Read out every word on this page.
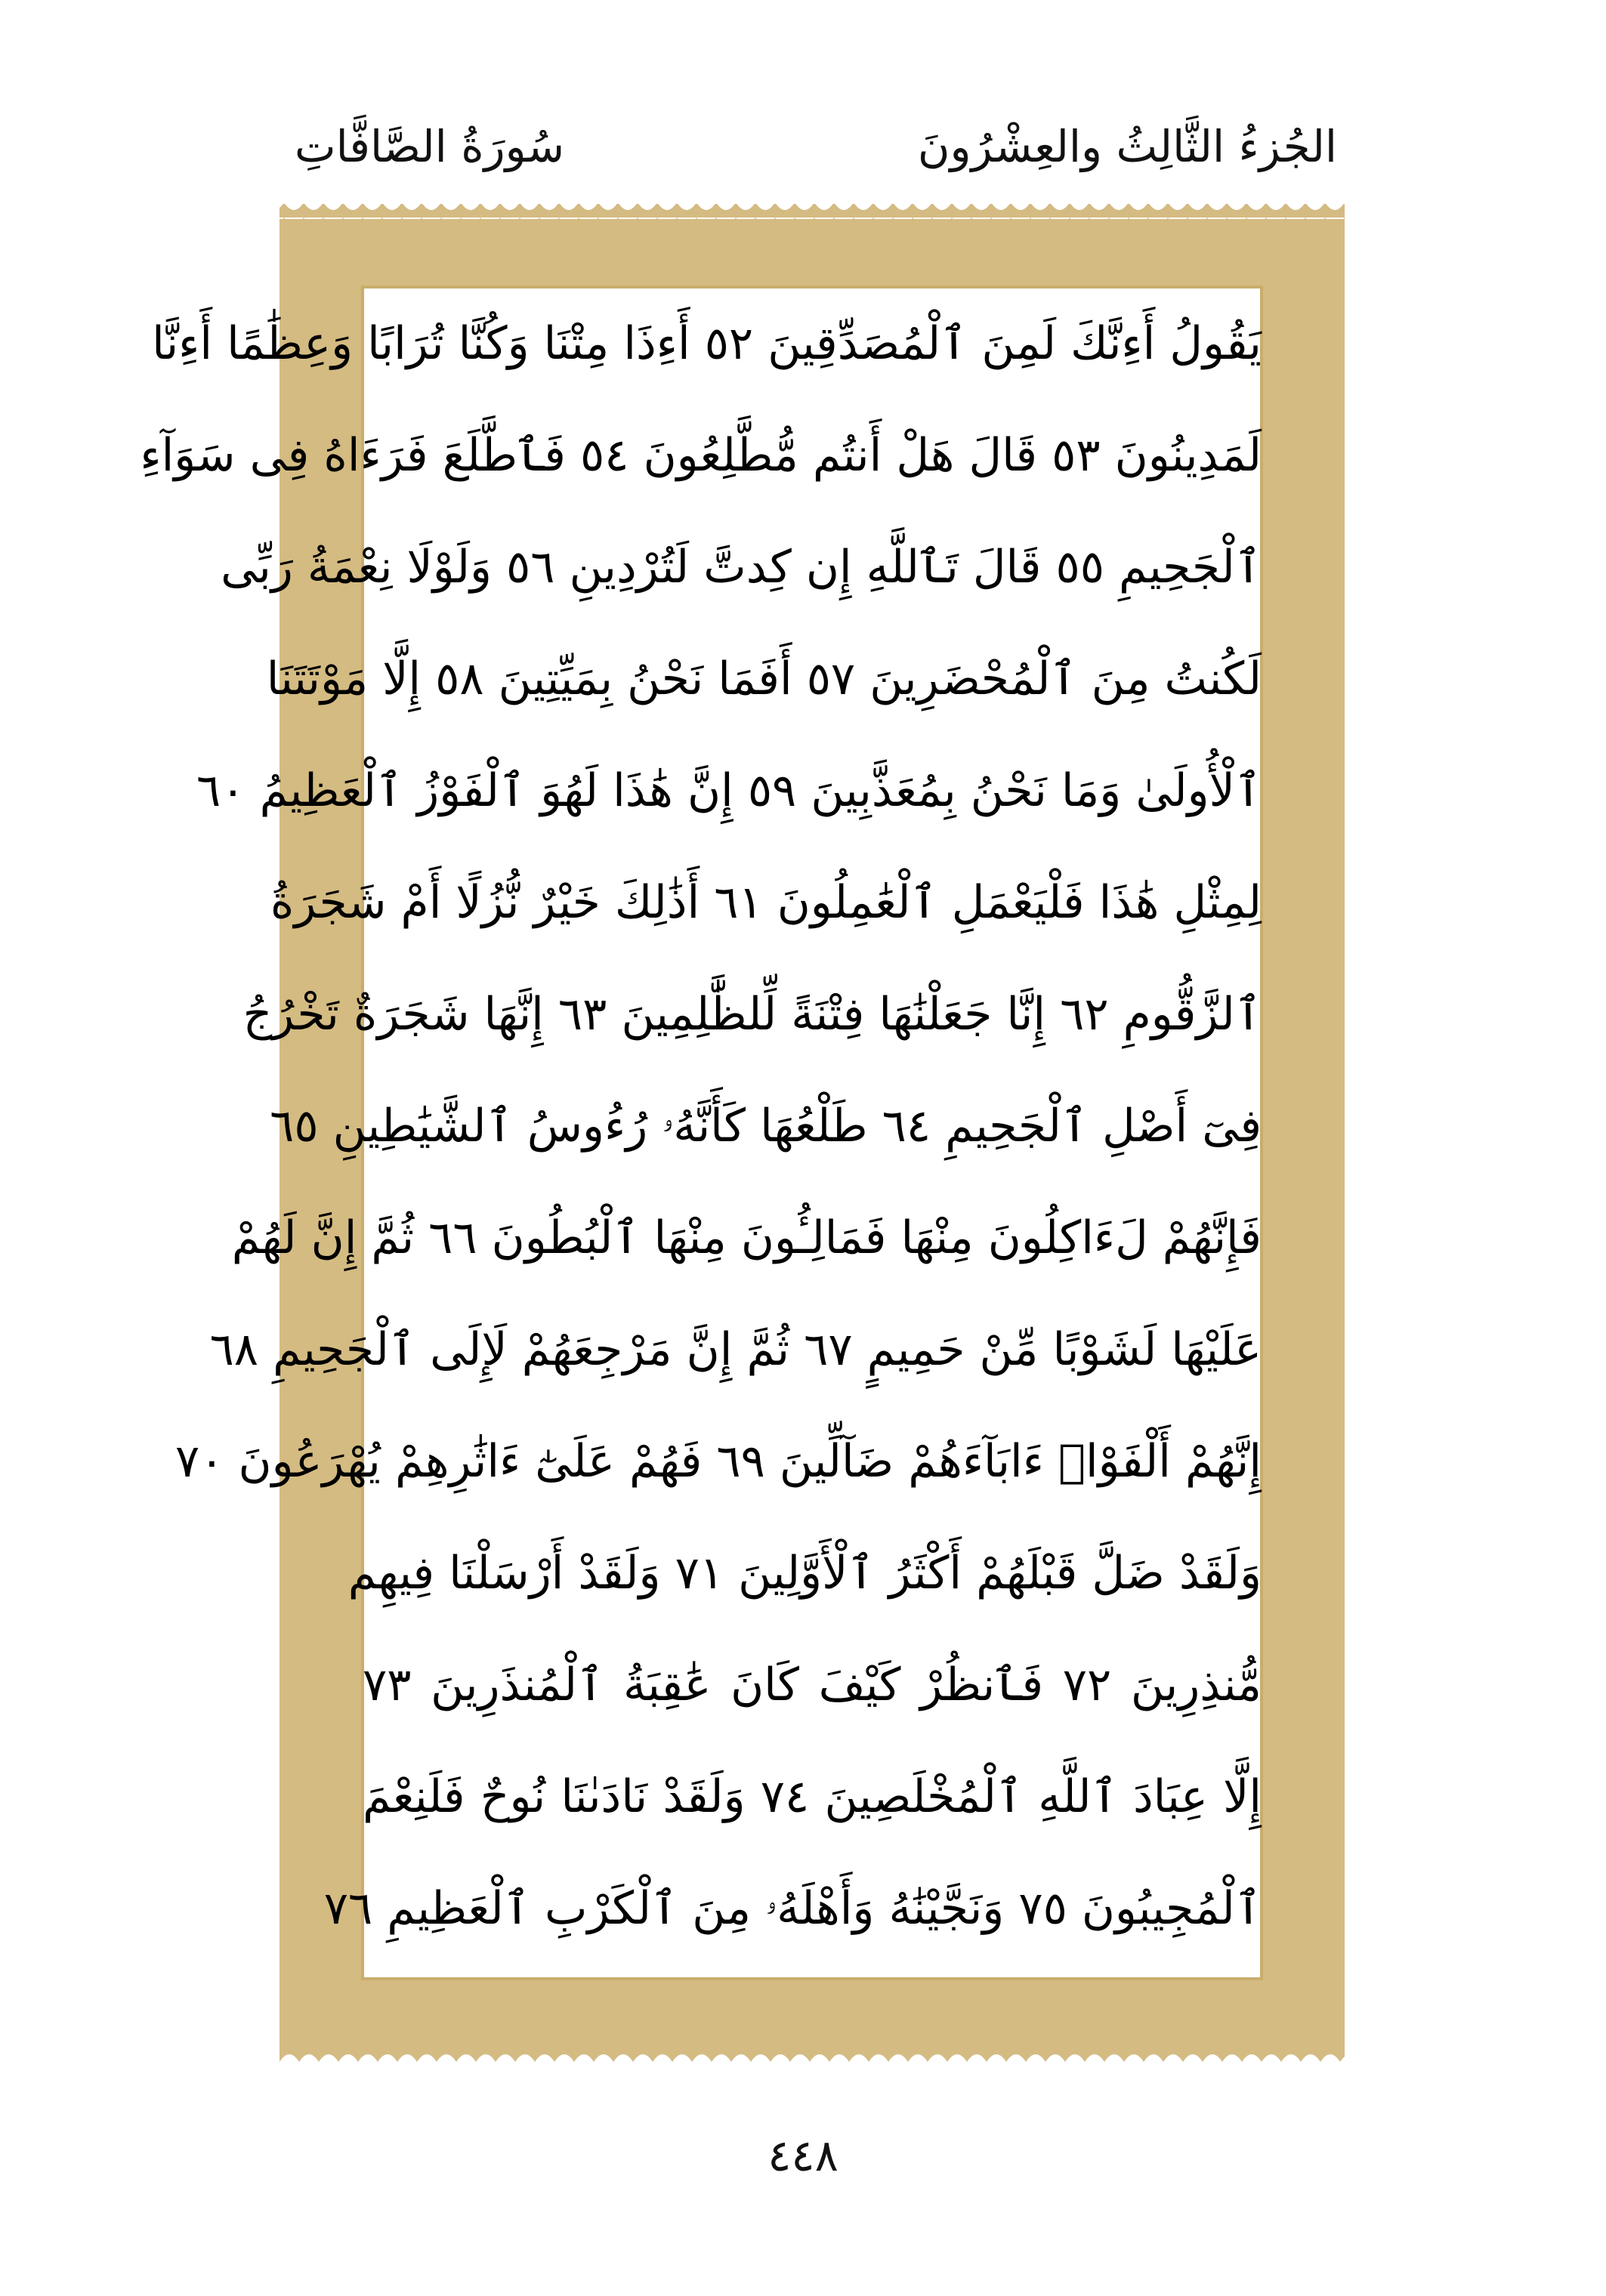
الجُزءُ الثَّالِثُ والعِشْرُونَ
سُورَةُ الصَّافَّاتِ
يَقُولُ أَءِنَّكَ لَمِنَ ٱلْمُصَدِّقِينَ ٥٢ أَءِذَا مِتْنَا وَكُنَّا تُرَابًا وَعِظَٰمًا أَءِنَّا
لَمَدِينُونَ ٥٣ قَالَ هَلْ أَنتُم مُّطَّلِعُونَ ٥٤ فَٱطَّلَعَ فَرَءَاهُ فِى سَوَآءِ
ٱلْجَحِيمِ ٥٥ قَالَ تَٱللَّهِ إِن كِدتَّ لَتُرْدِينِ ٥٦ وَلَوْلَا نِعْمَةُ رَبِّى
لَكُنتُ مِنَ ٱلْمُحْضَرِينَ ٥٧ أَفَمَا نَحْنُ بِمَيِّتِينَ ٥٨ إِلَّا مَوْتَتَنَا
ٱلْأُولَىٰ وَمَا نَحْنُ بِمُعَذَّبِينَ ٥٩ إِنَّ هَٰذَا لَهُوَ ٱلْفَوْزُ ٱلْعَظِيمُ ٦٠
لِمِثْلِ هَٰذَا فَلْيَعْمَلِ ٱلْعَٰمِلُونَ ٦١ أَذَٰلِكَ خَيْرٌ نُّزُلًا أَمْ شَجَرَةُ
ٱلزَّقُّومِ ٦٢ إِنَّا جَعَلْنَٰهَا فِتْنَةً لِّلظَّٰلِمِينَ ٦٣ إِنَّهَا شَجَرَةٌ تَخْرُجُ
فِىٓ أَصْلِ ٱلْجَحِيمِ ٦٤ طَلْعُهَا كَأَنَّهُۥ رُءُوسُ ٱلشَّيَٰطِينِ ٦٥
فَإِنَّهُمْ لَءَاكِلُونَ مِنْهَا فَمَالِـُٔونَ مِنْهَا ٱلْبُطُونَ ٦٦ ثُمَّ إِنَّ لَهُمْ
عَلَيْهَا لَشَوْبًا مِّنْ حَمِيمٍ ٦٧ ثُمَّ إِنَّ مَرْجِعَهُمْ لَإِلَى ٱلْجَحِيمِ ٦٨
إِنَّهُمْ أَلْفَوْا۟ ءَابَآءَهُمْ ضَآلِّينَ ٦٩ فَهُمْ عَلَىٰٓ ءَاثَٰرِهِمْ يُهْرَعُونَ ٧٠
وَلَقَدْ ضَلَّ قَبْلَهُمْ أَكْثَرُ ٱلْأَوَّلِينَ ٧١ وَلَقَدْ أَرْسَلْنَا فِيهِم
مُّنذِرِينَ ٧٢ فَٱنظُرْ كَيْفَ كَانَ عَٰقِبَةُ ٱلْمُنذَرِينَ ٧٣
إِلَّا عِبَادَ ٱللَّهِ ٱلْمُخْلَصِينَ ٧٤ وَلَقَدْ نَادَىٰنَا نُوحٌ فَلَنِعْمَ
ٱلْمُجِيبُونَ ٧٥ وَنَجَّيْنَٰهُ وَأَهْلَهُۥ مِنَ ٱلْكَرْبِ ٱلْعَظِيمِ ٧٦
٤٤٨
